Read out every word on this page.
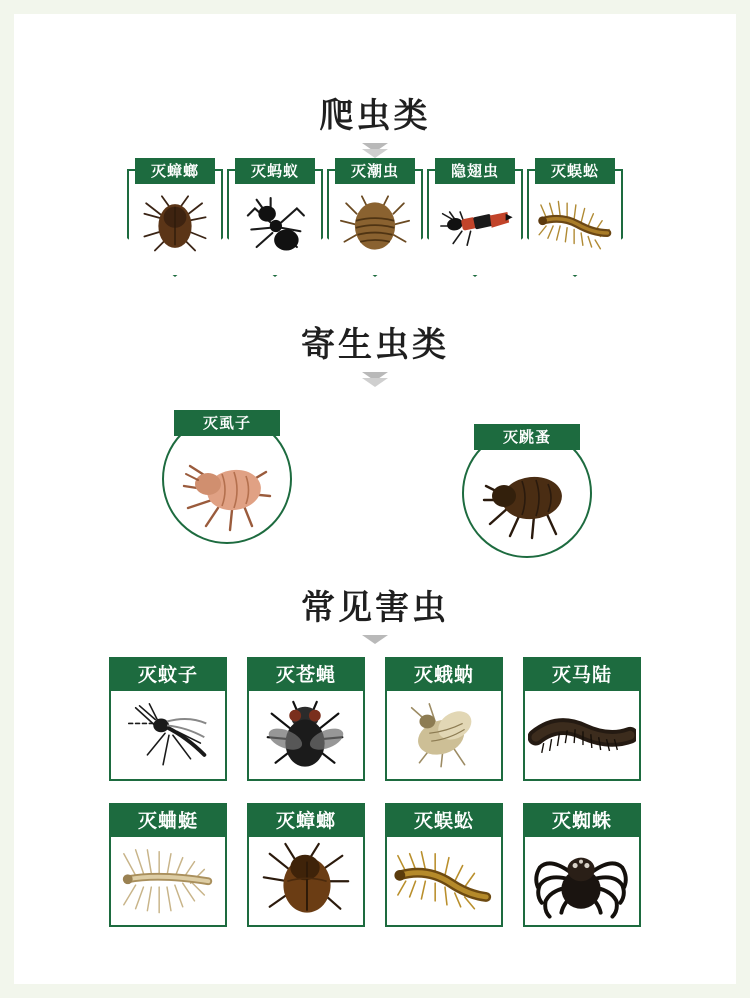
爬虫类
灭蟑螂	灭蚂蚁	灭潮虫	隐翅虫	灭蜈蚣
寄生虫类
灭虱子
灭跳蚤
常见害虫
灭蚊子	灭苍蝇	灭蛾蚋	灭马陆
灭蛐蜓	灭蟑螂	灭蜈蚣	灭蜘蛛
